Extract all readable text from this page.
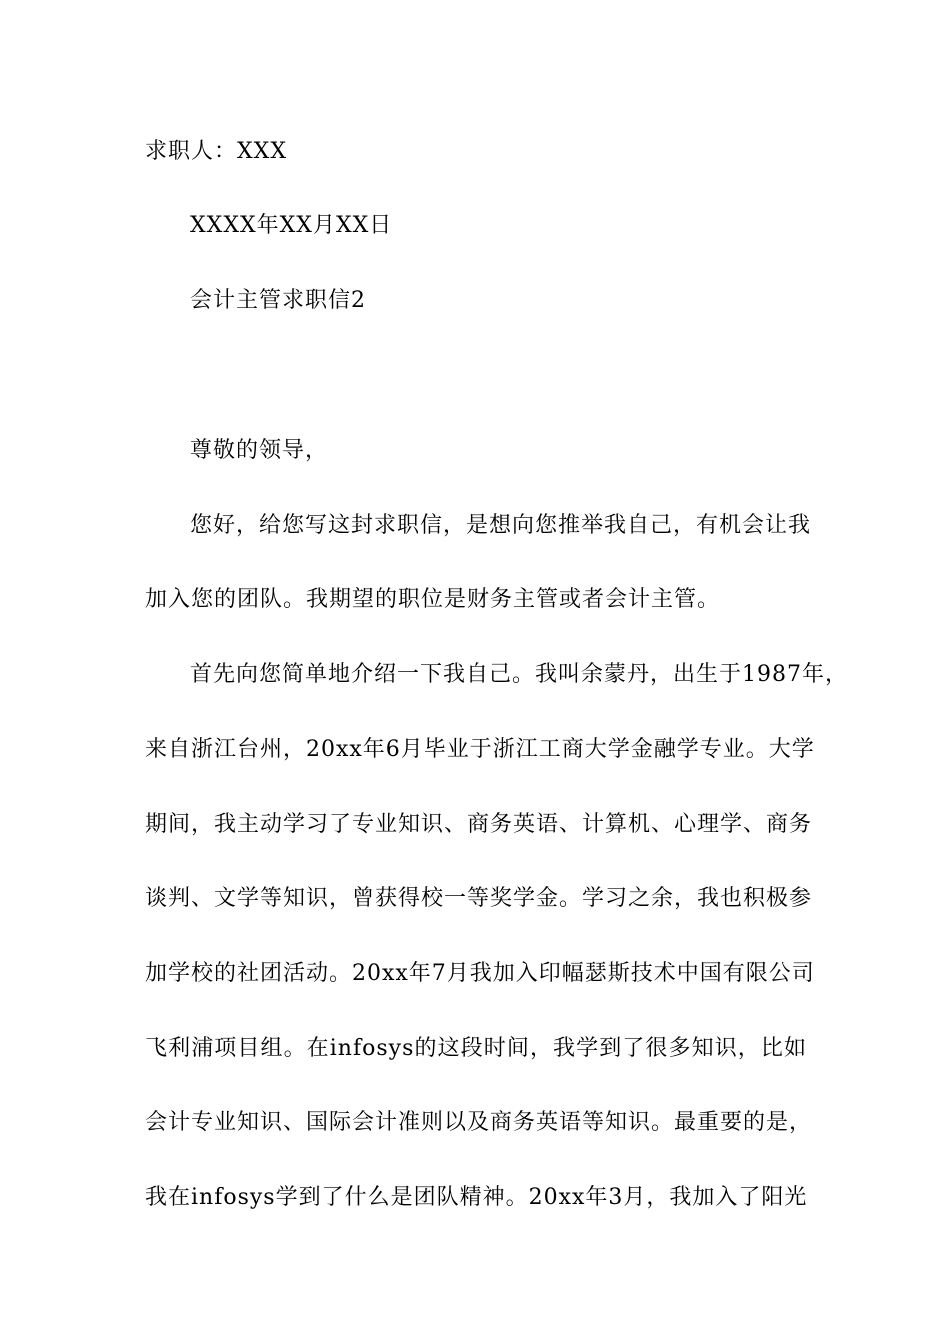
求职人：XXX
XXXX年XX月XX日
会计主管求职信2
尊敬的领导，
您好，给您写这封求职信，是想向您推举我自己，有机会让我
加入您的团队。我期望的职位是财务主管或者会计主管。
首先向您简单地介绍一下我自己。我叫余蒙丹，出生于1987年，
来自浙江台州，20xx年6月毕业于浙江工商大学金融学专业。大学
期间，我主动学习了专业知识、商务英语、计算机、心理学、商务
谈判、文学等知识，曾获得校一等奖学金。学习之余，我也积极参
加学校的社团活动。20xx年7月我加入印幅瑟斯技术中国有限公司
飞利浦项目组。在infosys的这段时间，我学到了很多知识，比如
会计专业知识、国际会计准则以及商务英语等知识。最重要的是，
我在infosys学到了什么是团队精神。20xx年3月，我加入了阳光
